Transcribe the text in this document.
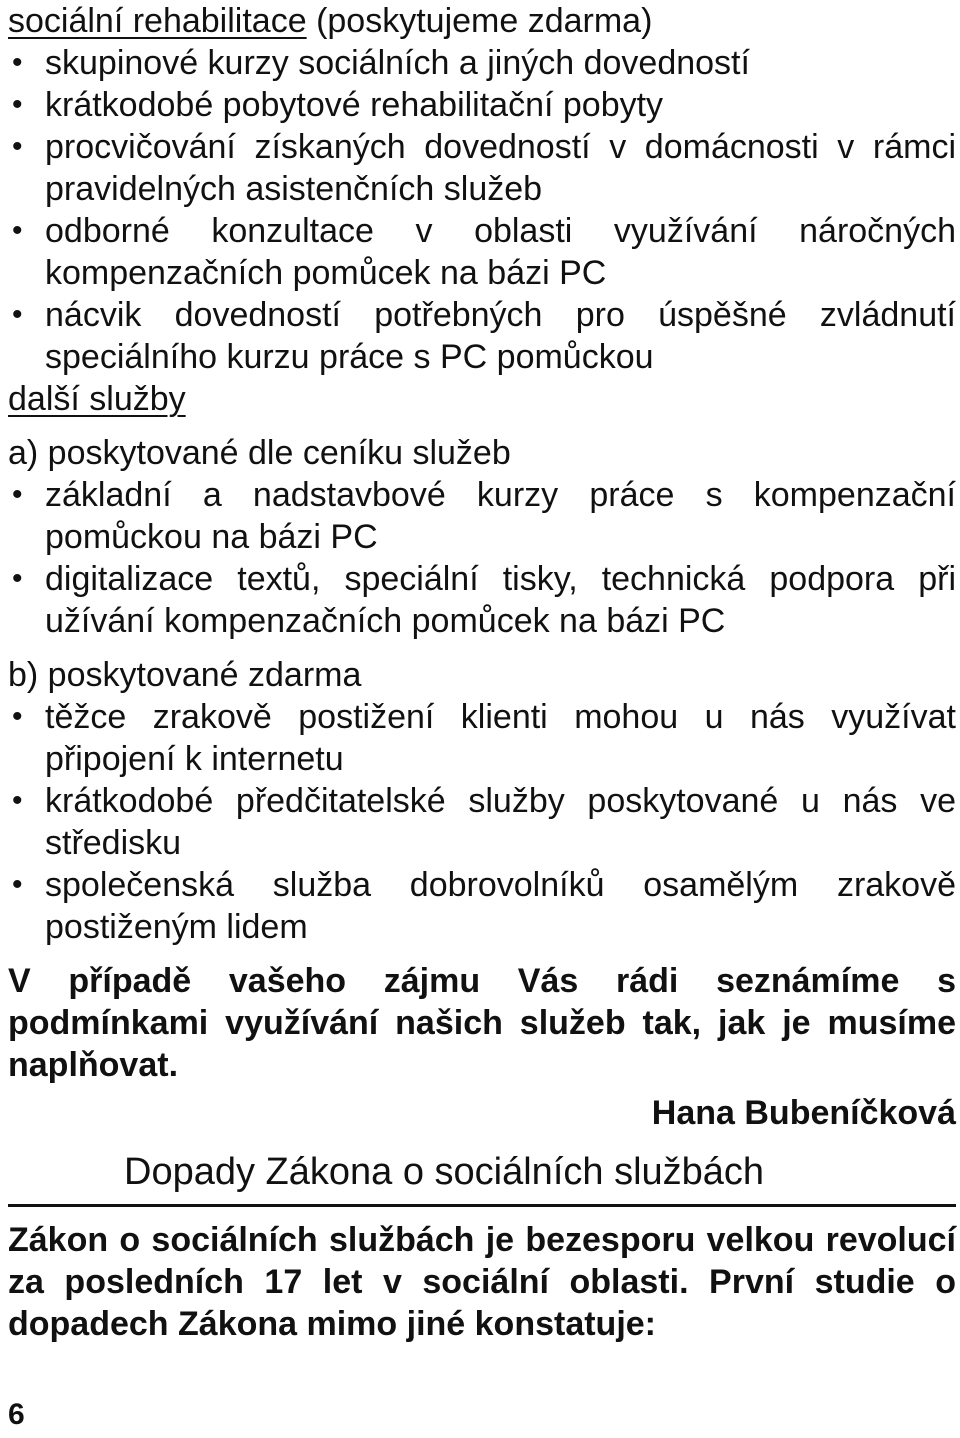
sociální rehabilitace (poskytujeme zdarma)

• skupinové kurzy sociálních a jiných dovedností
• krátkodobé pobytové rehabilitační pobyty
• procvičování získaných dovedností v domácnosti v rámci pravidelných asistenčních služeb
• odborné konzultace v oblasti využívání náročných kompenzačních pomůcek na bázi PC
• nácvik dovedností potřebných pro úspěšné zvládnutí speciálního kurzu práce s PC pomůckou

další služby

a) poskytované dle ceníku služeb

• základní a nadstavbové kurzy práce s kompenzační pomůckou na bázi PC
• digitalizace textů, speciální tisky, technická podpora při užívání kompenzačních pomůcek na bázi PC

b) poskytované zdarma

• těžce zrakově postižení klienti mohou u nás využívat připojení k internetu
• krátkodobé předčitatelské služby poskytované u nás ve středisku
• společenská služba dobrovolníků osamělým zrakově postiženým lidem

V případě vašeho zájmu Vás rádi seznámíme s podmínkami využívání našich služeb tak, jak je musíme naplňovat.

Hana Bubeníčková

Dopady Zákona o sociálních službách

Zákon o sociálních službách je bezesporu velkou revolucí za posledních 17 let v sociální oblasti. První studie o dopadech Zákona mimo jiné konstatuje:

6
